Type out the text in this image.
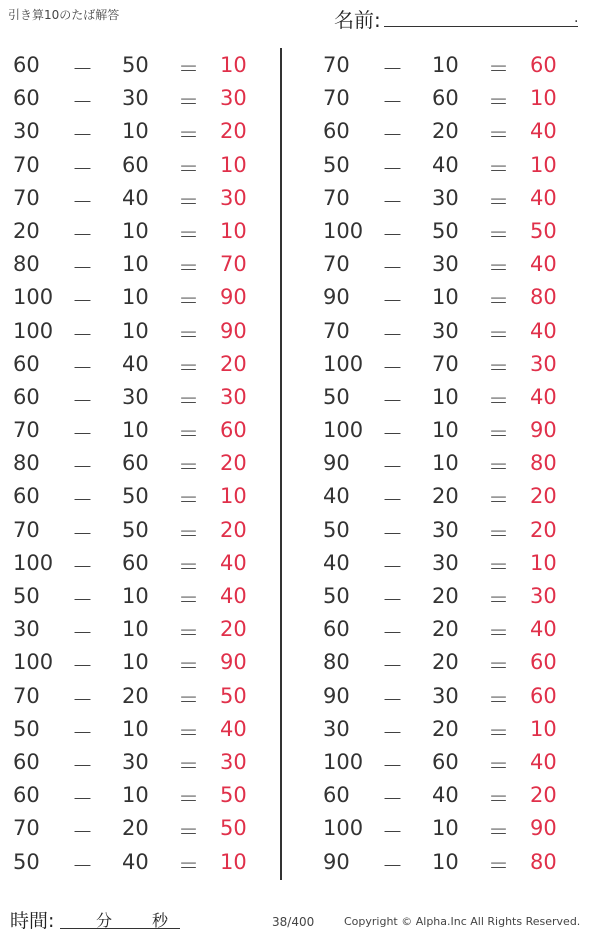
引き算10のたば解答	名前:	.
60 － 50 ＝ 10
60 － 30 ＝ 30
30 － 10 ＝ 20
70 － 60 ＝ 10
70 － 40 ＝ 30
20 － 10 ＝ 10
80 － 10 ＝ 70
100 － 10 ＝ 90
100 － 10 ＝ 90
60 － 40 ＝ 20
60 － 30 ＝ 30
70 － 10 ＝ 60
80 － 60 ＝ 20
60 － 50 ＝ 10
70 － 50 ＝ 20
100 － 60 ＝ 40
50 － 10 ＝ 40
30 － 10 ＝ 20
100 － 10 ＝ 90
70 － 20 ＝ 50
50 － 10 ＝ 40
60 － 30 ＝ 30
60 － 10 ＝ 50
70 － 20 ＝ 50
50 － 40 ＝ 10
70 － 10 ＝ 60
70 － 60 ＝ 10
60 － 20 ＝ 40
50 － 40 ＝ 10
70 － 30 ＝ 40
100 － 50 ＝ 50
70 － 30 ＝ 40
90 － 10 ＝ 80
70 － 30 ＝ 40
100 － 70 ＝ 30
50 － 10 ＝ 40
100 － 10 ＝ 90
90 － 10 ＝ 80
40 － 20 ＝ 20
50 － 30 ＝ 20
40 － 30 ＝ 10
50 － 20 ＝ 30
60 － 20 ＝ 40
80 － 20 ＝ 60
90 － 30 ＝ 60
30 － 20 ＝ 10
100 － 60 ＝ 40
60 － 40 ＝ 20
100 － 10 ＝ 90
90 － 10 ＝ 80
時間:	分 秒	38/400	Copyright © Alpha.Inc All Rights Reserved.
